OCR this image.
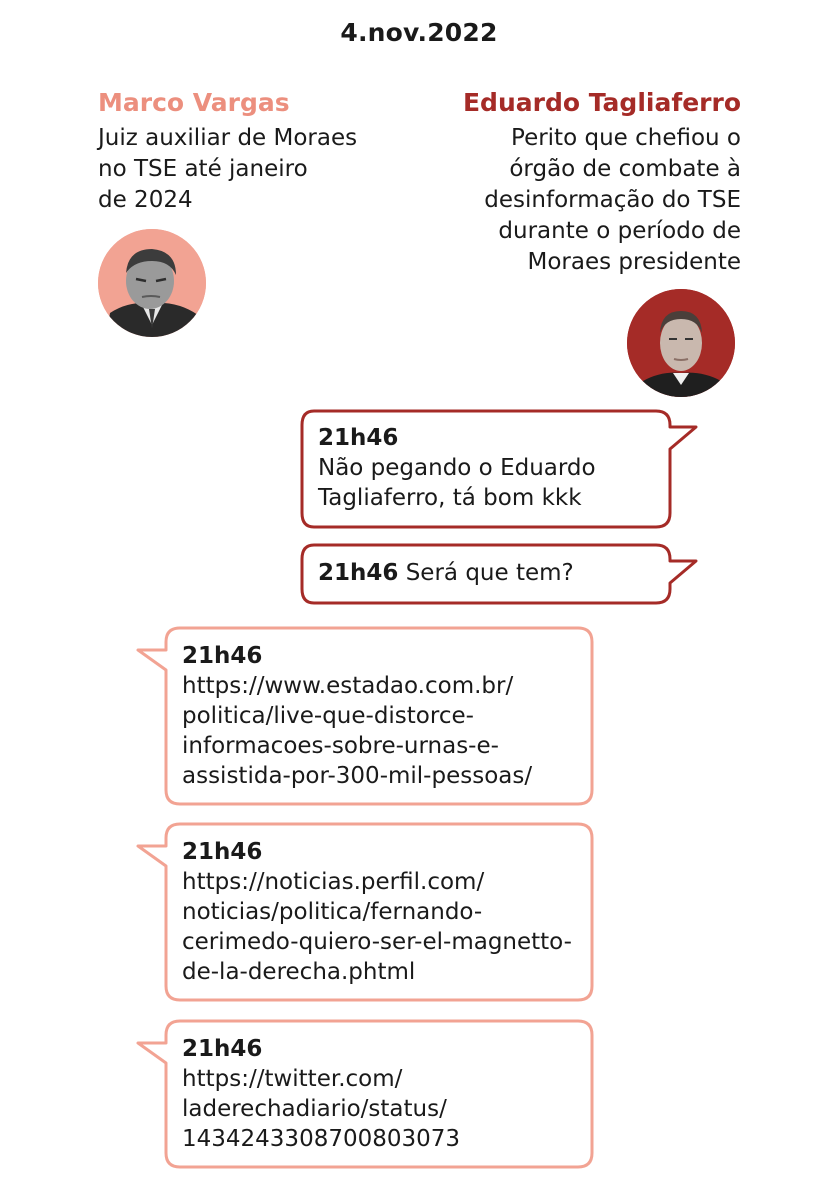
4.nov.2022
Marco Vargas
Juiz auxiliar de Moraes
no TSE até janeiro
de 2024
Eduardo Tagliaferro
Perito que chefiou o
órgão de combate à
desinformação do TSE
durante o período de
Moraes presidente
21h46
Não pegando o Eduardo
Tagliaferro, tá bom kkk
21h46 Será que tem?
21h46
https://www.estadao.com.br/
politica/live-que-distorce-
informacoes-sobre-urnas-e-
assistida-por-300-mil-pessoas/
21h46
https://noticias.perfil.com/
noticias/politica/fernando-
cerimedo-quiero-ser-el-magnetto-
de-la-derecha.phtml
21h46
https://twitter.com/
laderechadiario/status/
1434243308700803073
